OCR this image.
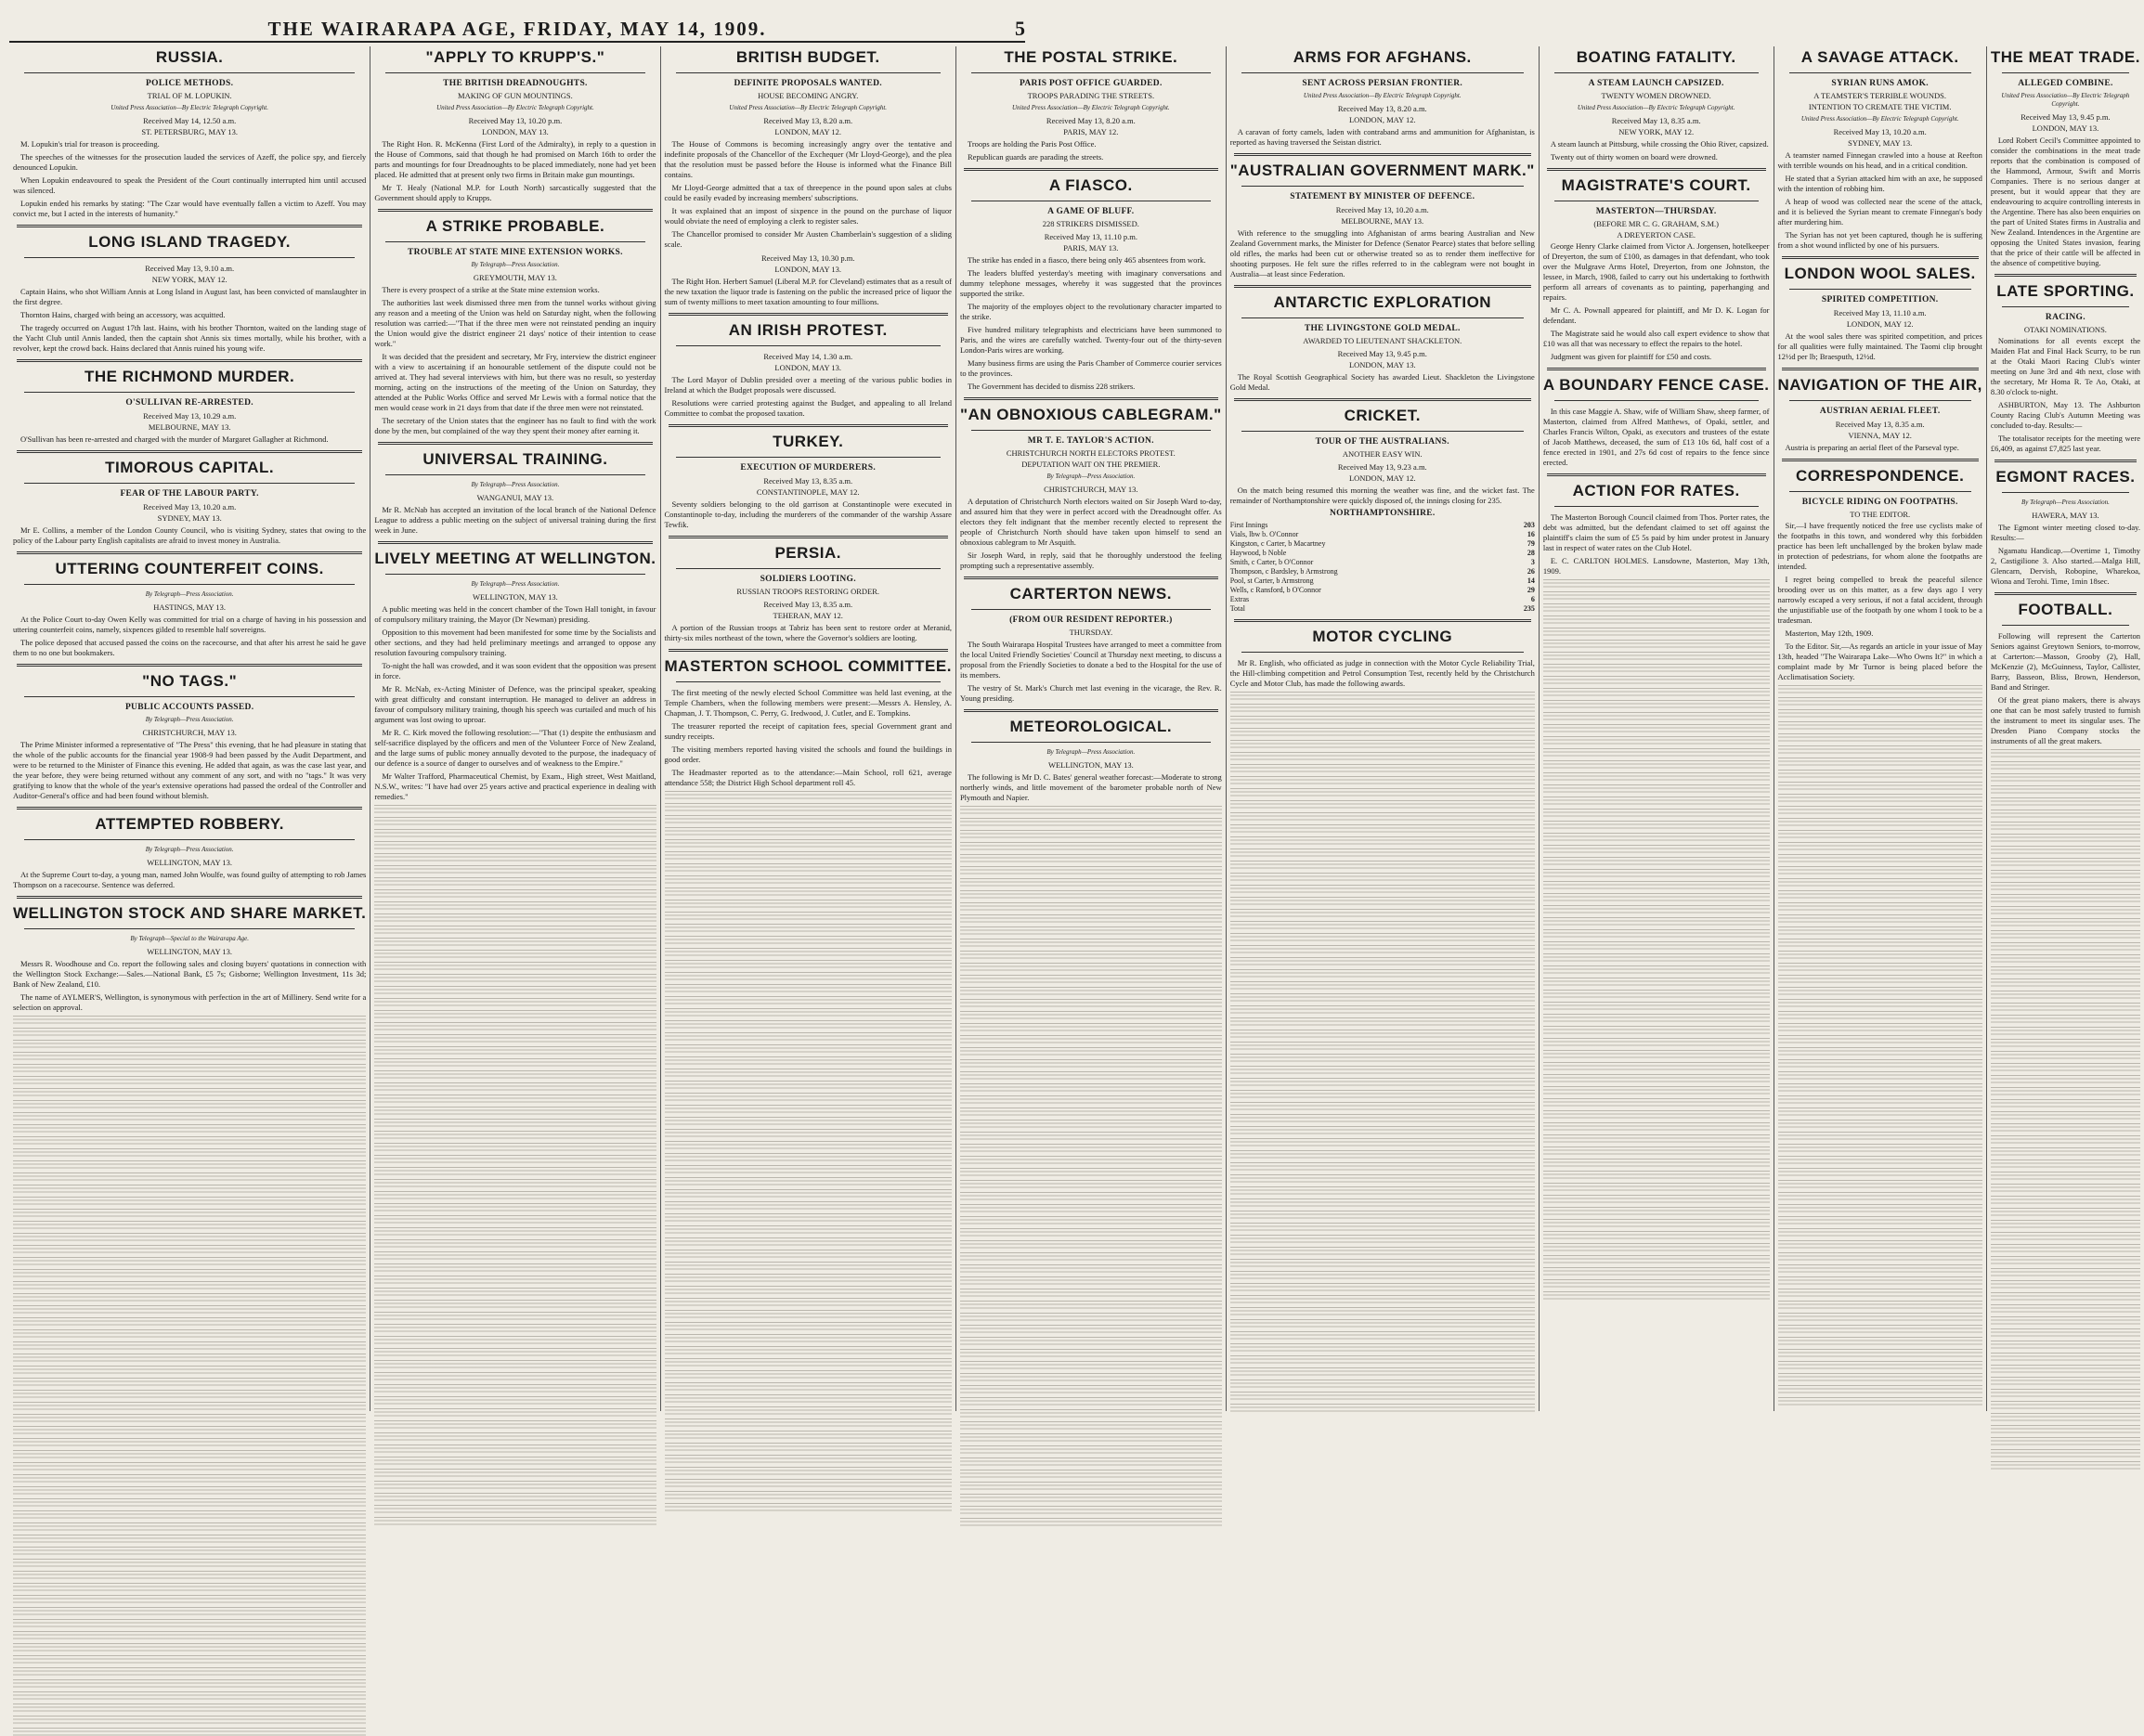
THE WAIRARAPA AGE, FRIDAY, MAY 14, 1909.	5
RUSSIA.
POLICE METHODS.
TRIAL OF M. LOPUKIN.
United Press Association—By Electric Telegraph Copyright.
Received May 14, 12.50 a.m.
ST. PETERSBURG, MAY 13.

M. Lopukin's trial for treason is proceeding.

The speeches of the witnesses for the prosecution lauded the services of Azeff, the police spy, and fiercely denounced Lopukin.

When Lopukin endeavoured to speak the President of the Court continually interrupted him until accused was silenced.

Lopukin ended his remarks by stating: "The Czar would have eventually fallen a victim to Azeff. You may convict me, but I acted in the interests of humanity."

LONG ISLAND TRAGEDY.
Received May 13, 9.10 a.m.
NEW YORK, MAY 12.

Captain Hains, who shot William Annis at Long Island in August last, has been convicted of manslaughter in the first degree.

Thornton Hains, charged with being an accessory, was acquitted.

The tragedy occurred on August 17th last. Hains, with his brother Thornton, waited on the landing stage of the Yacht Club until Annis landed, then the captain shot Annis six times mortally, while his brother, with a revolver, kept the crowd back. Hains declared that Annis ruined his young wife.

THE RICHMOND MURDER.
O'SULLIVAN RE-ARRESTED.
Received May 13, 10.29 a.m.
MELBOURNE, MAY 13.

O'Sullivan has been re-arrested and charged with the murder of Margaret Gallagher at Richmond.

TIMOROUS CAPITAL.
FEAR OF THE LABOUR PARTY.
Received May 13, 10.20 a.m.
SYDNEY, MAY 13.

Mr E. Collins, a member of the London County Council, who is visiting Sydney, states that owing to the policy of the Labour party English capitalists are afraid to invest money in Australia.

UTTERING COUNTERFEIT COINS.
By Telegraph—Press Association.
HASTINGS, MAY 13.

At the Police Court to-day Owen Kelly was committed for trial on a charge of having in his possession and uttering counterfeit coins, namely, sixpences gilded to resemble half sovereigns.

The police deposed that accused passed the coins on the racecourse, and that after his arrest he said he gave them to no one but bookmakers.

"NO TAGS."
PUBLIC ACCOUNTS PASSED.
By Telegraph—Press Association.
CHRISTCHURCH, MAY 13.

The Prime Minister informed a representative of "The Press" this evening, that he had pleasure in stating that the whole of the public accounts for the financial year 1908-9 had been passed by the Audit Department, and were to be returned to the Minister of Finance this evening. He added that again, as was the case last year, and the year before, they were being returned without any comment of any sort, and with no "tags." It was very gratifying to know that the whole of the year's extensive operations had passed the ordeal of the Controller and Auditor-General's office and had been found without blemish.

ATTEMPTED ROBBERY.
By Telegraph—Press Association.
WELLINGTON, MAY 13.

At the Supreme Court to-day, a young man, named John Woulfe, was found guilty of attempting to rob James Thompson on a racecourse. Sentence was deferred.

WELLINGTON STOCK AND SHARE MARKET.
By Telegraph—Special to the Wairarapa Age.
WELLINGTON, MAY 13.

Messrs R. Woodhouse and Co. report the following sales and closing buyers' quotations in connection with the Wellington Stock Exchange:—Sales.—National Bank, £5 7s; Gisborne; Wellington Investment, 11s 3d; Bank of New Zealand, £10.

The name of AYLMER'S, Wellington, is synonymous with perfection in the art of Millinery. Send write for a selection on approval.

"APPLY TO KRUPP'S."
THE BRITISH DREADNOUGHTS.
MAKING OF GUN MOUNTINGS.
United Press Association—By Electric Telegraph Copyright.
Received May 13, 10.20 p.m.
LONDON, MAY 13.

The Right Hon. R. McKenna (First Lord of the Admiralty), in reply to a question in the House of Commons, said that though he had promised on March 16th to order the parts and mountings for four Dreadnoughts to be placed immediately, none had yet been placed. He admitted that at present only two firms in Britain make gun mountings.

Mr T. Healy (National M.P. for Louth North) sarcastically suggested that the Government should apply to Krupps.

A STRIKE PROBABLE.
TROUBLE AT STATE MINE EXTENSION WORKS.
By Telegraph—Press Association.
GREYMOUTH, MAY 13.

There is every prospect of a strike at the State mine extension works.

The authorities last week dismissed three men from the tunnel works without giving any reason and a meeting of the Union was held on Saturday night, when the following resolution was carried:—"That if the three men were not reinstated pending an inquiry the Union would give the district engineer 21 days' notice of their intention to cease work."

It was decided that the president and secretary, Mr Fry, interview the district engineer with a view to ascertaining if an honourable settlement of the dispute could not be arrived at. They had several interviews with him, but there was no result, so yesterday morning, acting on the instructions of the meeting of the Union on Saturday, they attended at the Public Works Office and served Mr Lewis with a formal notice that the men would cease work in 21 days from that date if the three men were not reinstated.

The secretary of the Union states that the engineer has no fault to find with the work done by the men, but complained of the way they spent their money after earning it.

UNIVERSAL TRAINING.
By Telegraph—Press Association.
WANGANUI, MAY 13.

Mr R. McNab has accepted an invitation of the local branch of the National Defence League to address a public meeting on the subject of universal training during the first week in June.

LIVELY MEETING AT WELLINGTON.
By Telegraph—Press Association.
WELLINGTON, MAY 13.

A public meeting was held in the concert chamber of the Town Hall tonight, in favour of compulsory military training, the Mayor (Dr Newman) presiding.

Opposition to this movement had been manifested for some time by the Socialists and other sections, and they had held preliminary meetings and arranged to oppose any resolution favouring compulsory training.

To-night the hall was crowded, and it was soon evident that the opposition was present in force.

Mr R. McNab, ex-Acting Minister of Defence, was the principal speaker, speaking with great difficulty and constant interruption. He managed to deliver an address in favour of compulsory military training, though his speech was curtailed and much of his argument was lost owing to uproar.

Mr R. C. Kirk moved the following resolution:—"That (1) despite the enthusiasm and self-sacrifice displayed by the officers and men of the Volunteer Force of New Zealand, and the large sums of public money annually devoted to the purpose, the inadequacy of our defence is a source of danger to ourselves and of weakness to the Empire."

Mr Walter Trafford, Pharmaceutical Chemist, by Exam., High street, West Maitland, N.S.W., writes: "I have had over 25 years active and practical experience in dealing with remedies."

BRITISH BUDGET.
DEFINITE PROPOSALS WANTED.
HOUSE BECOMING ANGRY.
United Press Association—By Electric Telegraph Copyright.
Received May 13, 8.20 a.m.
LONDON, MAY 12.

The House of Commons is becoming increasingly angry over the tentative and indefinite proposals of the Chancellor of the Exchequer (Mr Lloyd-George), and the plea that the resolution must be passed before the House is informed what the Finance Bill contains.

Mr Lloyd-George admitted that a tax of threepence in the pound upon sales at clubs could be easily evaded by increasing members' subscriptions.

It was explained that an impost of sixpence in the pound on the purchase of liquor would obviate the need of employing a clerk to register sales.

The Chancellor promised to consider Mr Austen Chamberlain's suggestion of a sliding scale.

Received May 13, 10.30 p.m.
LONDON, MAY 13.

The Right Hon. Herbert Samuel (Liberal M.P. for Cleveland) estimates that as a result of the new taxation the liquor trade is fastening on the public the increased price of liquor the sum of twenty millions to meet taxation amounting to four millions.

AN IRISH PROTEST.
Received May 14, 1.30 a.m.
LONDON, MAY 13.

The Lord Mayor of Dublin presided over a meeting of the various public bodies in Ireland at which the Budget proposals were discussed.

Resolutions were carried protesting against the Budget, and appealing to all Ireland Committee to combat the proposed taxation.

TURKEY.
EXECUTION OF MURDERERS.
Received May 13, 8.35 a.m.
CONSTANTINOPLE, MAY 12.

Seventy soldiers belonging to the old garrison at Constantinople were executed in Constantinople to-day, including the murderers of the commander of the warship Assare Tewfik.

PERSIA.
SOLDIERS LOOTING.
RUSSIAN TROOPS RESTORING ORDER.
Received May 13, 8.35 a.m.
TEHERAN, MAY 12.

A portion of the Russian troops at Tabriz has been sent to restore order at Meranid, thirty-six miles northeast of the town, where the Governor's soldiers are looting.

MASTERTON SCHOOL COMMITTEE.

The first meeting of the newly elected School Committee was held last evening, at the Temple Chambers, when the following members were present:—Messrs A. Hensley, A. Chapman, J. T. Thompson, C. Perry, G. Iredwood, J. Cutler, and E. Tompkins.

The treasurer reported the receipt of capitation fees, special Government grant and sundry receipts.

The visiting members reported having visited the schools and found the buildings in good order.

The Headmaster reported as to the attendance:—Main School, roll 621, average attendance 558; the District High School department roll 45.

THE POSTAL STRIKE.
PARIS POST OFFICE GUARDED.
TROOPS PARADING THE STREETS.
United Press Association—By Electric Telegraph Copyright.
Received May 13, 8.20 a.m.
PARIS, MAY 12.

Troops are holding the Paris Post Office.

Republican guards are parading the streets.

A FIASCO.
A GAME OF BLUFF.
228 STRIKERS DISMISSED.
Received May 13, 11.10 p.m.
PARIS, MAY 13.

The strike has ended in a fiasco, there being only 465 absentees from work.

The leaders bluffed yesterday's meeting with imaginary conversations and dummy telephone messages, whereby it was suggested that the provinces supported the strike.

The majority of the employes object to the revolutionary character imparted to the strike.

Five hundred military telegraphists and electricians have been summoned to Paris, and the wires are carefully watched. Twenty-four out of the thirty-seven London-Paris wires are working.

Many business firms are using the Paris Chamber of Commerce courier services to the provinces.

The Government has decided to dismiss 228 strikers.

"AN OBNOXIOUS CABLEGRAM."
MR T. E. TAYLOR'S ACTION.
CHRISTCHURCH NORTH ELECTORS PROTEST.
DEPUTATION WAIT ON THE PREMIER.
By Telegraph—Press Association.
CHRISTCHURCH, MAY 13.

A deputation of Christchurch North electors waited on Sir Joseph Ward to-day, and assured him that they were in perfect accord with the Dreadnought offer. As electors they felt indignant that the member recently elected to represent the people of Christchurch North should have taken upon himself to send an obnoxious cablegram to Mr Asquith.

Sir Joseph Ward, in reply, said that he thoroughly understood the feeling prompting such a representative assembly.

CARTERTON NEWS.
(FROM OUR RESIDENT REPORTER.)
THURSDAY.

The South Wairarapa Hospital Trustees have arranged to meet a committee from the local United Friendly Societies' Council at Thursday next meeting, to discuss a proposal from the Friendly Societies to donate a bed to the Hospital for the use of its members.

The vestry of St. Mark's Church met last evening in the vicarage, the Rev. R. Young presiding.

METEOROLOGICAL.
By Telegraph—Press Association.
WELLINGTON, MAY 13.

The following is Mr D. C. Bates' general weather forecast:—Moderate to strong northerly winds, and little movement of the barometer probable north of New Plymouth and Napier.

ARMS FOR AFGHANS.
SENT ACROSS PERSIAN FRONTIER.
United Press Association—By Electric Telegraph Copyright.
Received May 13, 8.20 a.m.
LONDON, MAY 12.

A caravan of forty camels, laden with contraband arms and ammunition for Afghanistan, is reported as having traversed the Seistan district.

"AUSTRALIAN GOVERNMENT MARK."
STATEMENT BY MINISTER OF DEFENCE.
Received May 13, 10.20 a.m.
MELBOURNE, MAY 13.

With reference to the smuggling into Afghanistan of arms bearing Australian and New Zealand Government marks, the Minister for Defence (Senator Pearce) states that before selling old rifles, the marks had been cut or otherwise treated so as to render them ineffective for shooting purposes. He felt sure the rifles referred to in the cablegram were not bought in Australia—at least since Federation.

ANTARCTIC EXPLORATION
THE LIVINGSTONE GOLD MEDAL.
AWARDED TO LIEUTENANT SHACKLETON.
Received May 13, 9.45 p.m.
LONDON, MAY 13.

The Royal Scottish Geographical Society has awarded Lieut. Shackleton the Livingstone Gold Medal.

CRICKET.
TOUR OF THE AUSTRALIANS.
ANOTHER EASY WIN.
Received May 13, 9.23 a.m.
LONDON, MAY 12.

On the match being resumed this morning the weather was fine, and the wicket fast. The remainder of Northamptonshire were quickly disposed of, the innings closing for 235.

NORTHAMPTONSHIRE.
First Innings	203
Vials, lbw b. O'Connor	16
Kingston, c Carter, b Macartney	79
Haywood, b Noble	28
Smith, c Carter, b O'Connor	3
Thompson, c Bardsley, b Armstrong	26
Pool, st Carter, b Armstrong	14
Wells, c Ransford, b O'Connor	29
Extras	6
Total	235
MOTOR CYCLING

Mr R. English, who officiated as judge in connection with the Motor Cycle Reliability Trial, the Hill-climbing competition and Petrol Consumption Test, recently held by the Christchurch Cycle and Motor Club, has made the following awards.

BOATING FATALITY.
A STEAM LAUNCH CAPSIZED.
TWENTY WOMEN DROWNED.
United Press Association—By Electric Telegraph Copyright.
Received May 13, 8.35 a.m.
NEW YORK, MAY 12.

A steam launch at Pittsburg, while crossing the Ohio River, capsized.

Twenty out of thirty women on board were drowned.

MAGISTRATE'S COURT.
MASTERTON—THURSDAY.
(BEFORE MR C. G. GRAHAM, S.M.)
A DREYERTON CASE.

George Henry Clarke claimed from Victor A. Jorgensen, hotelkeeper of Dreyerton, the sum of £100, as damages in that defendant, who took over the Mulgrave Arms Hotel, Dreyerton, from one Johnston, the lessee, in March, 1908, failed to carry out his undertaking to forthwith perform all arrears of covenants as to painting, paperhanging and repairs.

Mr C. A. Pownall appeared for plaintiff, and Mr D. K. Logan for defendant.

The Magistrate said he would also call expert evidence to show that £10 was all that was necessary to effect the repairs to the hotel.

Judgment was given for plaintiff for £50 and costs.

A BOUNDARY FENCE CASE.

In this case Maggie A. Shaw, wife of William Shaw, sheep farmer, of Masterton, claimed from Alfred Matthews, of Opaki, settler, and Charles Francis Wilton, Opaki, as executors and trustees of the estate of Jacob Matthews, deceased, the sum of £13 10s 6d, half cost of a fence erected in 1901, and 27s 6d cost of repairs to the fence since erected.

ACTION FOR RATES.

The Masterton Borough Council claimed from Thos. Porter rates, the debt was admitted, but the defendant claimed to set off against the plaintiff's claim the sum of £5 5s paid by him under protest in January last in respect of water rates on the Club Hotel.

E. C. CARLTON HOLMES. Lansdowne, Masterton, May 13th, 1909.

A SAVAGE ATTACK.
SYRIAN RUNS AMOK.
A TEAMSTER'S TERRIBLE WOUNDS.
INTENTION TO CREMATE THE VICTIM.
United Press Association—By Electric Telegraph Copyright.
Received May 13, 10.20 a.m.
SYDNEY, MAY 13.

A teamster named Finnegan crawled into a house at Reefton with terrible wounds on his head, and in a critical condition.

He stated that a Syrian attacked him with an axe, he supposed with the intention of robbing him.

A heap of wood was collected near the scene of the attack, and it is believed the Syrian meant to cremate Finnegan's body after murdering him.

The Syrian has not yet been captured, though he is suffering from a shot wound inflicted by one of his pursuers.

LONDON WOOL SALES.
SPIRITED COMPETITION.
Received May 13, 11.10 a.m.
LONDON, MAY 12.

At the wool sales there was spirited competition, and prices for all qualities were fully maintained. The Taomi clip brought 12½d per lb; Braesputh, 12½d.

NAVIGATION OF THE AIR,
AUSTRIAN AERIAL FLEET.
Received May 13, 8.35 a.m.
VIENNA, MAY 12.

Austria is preparing an aerial fleet of the Parseval type.

CORRESPONDENCE.
BICYCLE RIDING ON FOOTPATHS.
TO THE EDITOR.

Sir,—I have frequently noticed the free use cyclists make of the footpaths in this town, and wondered why this forbidden practice has been left unchallenged by the broken bylaw made in protection of pedestrians, for whom alone the footpaths are intended.

I regret being compelled to break the peaceful silence brooding over us on this matter, as a few days ago I very narrowly escaped a very serious, if not a fatal accident, through the unjustifiable use of the footpath by one whom I took to be a tradesman.

Masterton, May 12th, 1909.

To the Editor. Sir,—As regards an article in your issue of May 13th, headed "The Wairarapa Lake—Who Owns It?" in which a complaint made by Mr Turnor is being placed before the Acclimatisation Society.

THE MEAT TRADE.
ALLEGED COMBINE.
United Press Association—By Electric Telegraph Copyright.
Received May 13, 9.45 p.m.
LONDON, MAY 13.

Lord Robert Cecil's Committee appointed to consider the combinations in the meat trade reports that the combination is composed of the Hammond, Armour, Swift and Morris Companies. There is no serious danger at present, but it would appear that they are endeavouring to acquire controlling interests in the Argentine. There has also been enquiries on the part of United States firms in Australia and New Zealand. Intendences in the Argentine are opposing the United States invasion, fearing that the price of their cattle will be affected in the absence of competitive buying.

LATE SPORTING.
RACING.
OTAKI NOMINATIONS.

Nominations for all events except the Maiden Flat and Final Hack Scurry, to be run at the Otaki Maori Racing Club's winter meeting on June 3rd and 4th next, close with the secretary, Mr Homa R. Te Ao, Otaki, at 8.30 o'clock to-night.

ASHBURTON, May 13. The Ashburton County Racing Club's Autumn Meeting was concluded to-day. Results:—

The totalisator receipts for the meeting were £6,409, as against £7,825 last year.

EGMONT RACES.
By Telegraph—Press Association.
HAWERA, MAY 13.

The Egmont winter meeting closed to-day. Results:—

Ngamatu Handicap.—Overtime 1, Timothy 2, Castigilione 3. Also started.—Malga Hill, Glencarn, Dervish, Robopine, Wharekoa, Wiona and Terohi. Time, 1min 18sec.

FOOTBALL.

Following will represent the Carterton Seniors against Greytown Seniors, to-morrow, at Carterton:—Masson, Grooby (2), Hall, McKenzie (2), McGuinness, Taylor, Callister, Barry, Basseon, Bliss, Brown, Henderson, Band and Stringer.

Of the great piano makers, there is always one that can be most safely trusted to furnish the instrument to meet its singular uses. The Dresden Piano Company stocks the instruments of all the great makers.
